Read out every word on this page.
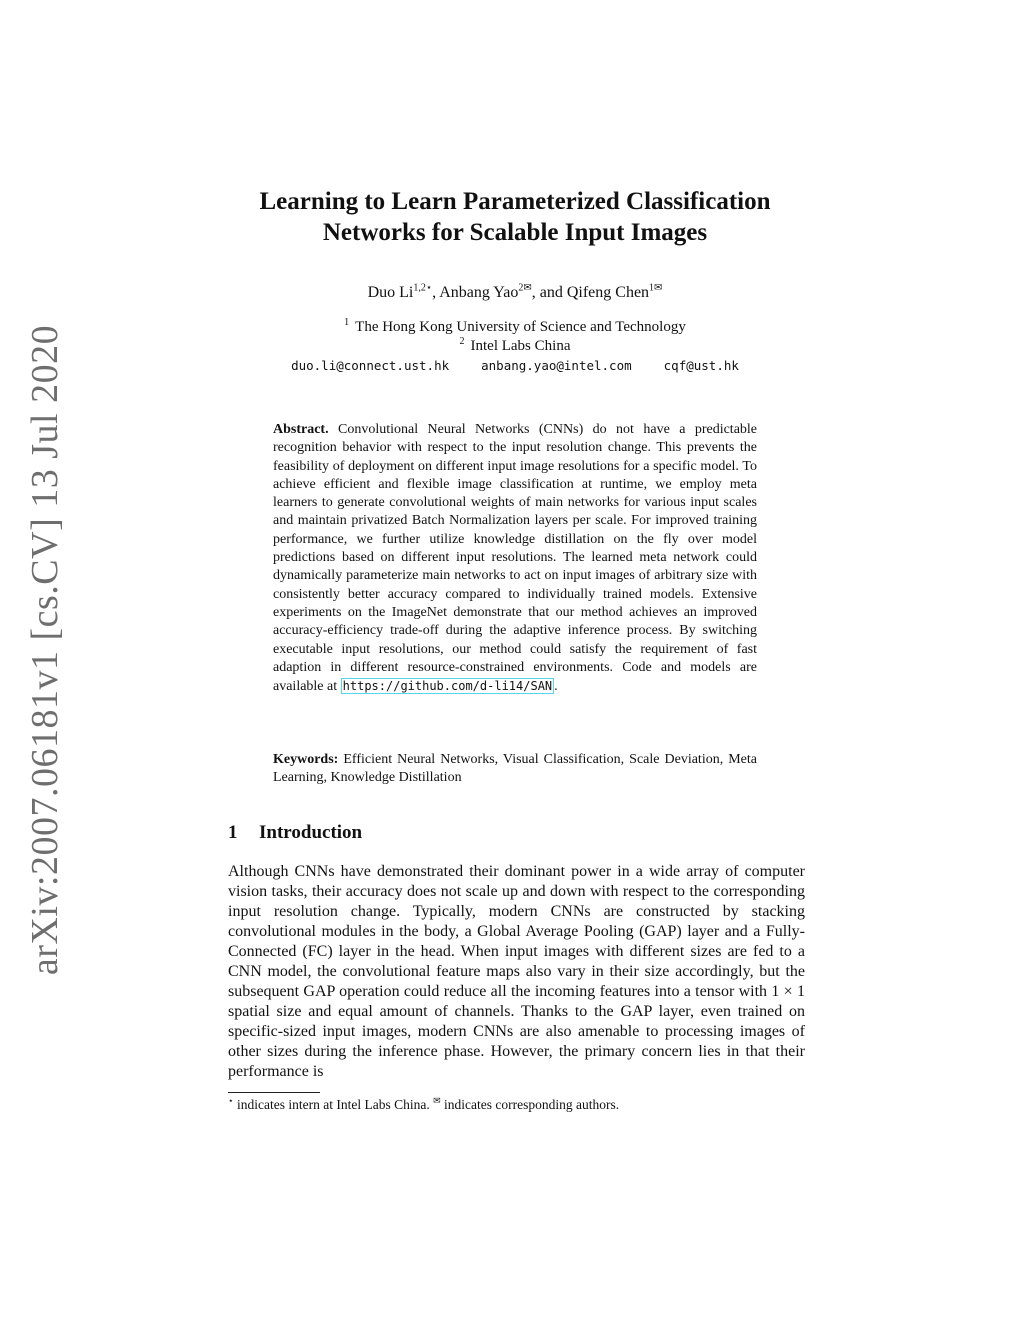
arXiv:2007.06181v1 [cs.CV] 13 Jul 2020
Learning to Learn Parameterized Classification
Networks for Scalable Input Images
Duo $Li^{1,2⋆}$, Anbang Yao$^{2✉}$, and Qifeng Chen$^{1✉}$
$^1$ The Hong Kong University of Science and Technology
$^2$ Intel Labs China
duo.li@connect.ust.hk	anbang.yao@intel.com	cqf@ust.hk

Abstract. Convolutional Neural Networks (CNNs) do not have a predictable recognition behavior with respect to the input resolution change. This prevents the feasibility of deployment on different input image resolutions for a specific model. To achieve efficient and flexible image classification at runtime, we employ meta learners to generate convolutional weights of main networks for various input scales and maintain privatized Batch Normalization layers per scale. For improved training performance, we further utilize knowledge distillation on the fly over model predictions based on different input resolutions. The learned meta network could dynamically parameterize main networks to act on input images of arbitrary size with consistently better accuracy compared to individually trained models. Extensive experiments on the ImageNet demonstrate that our method achieves an improved accuracy-efficiency trade-off during the adaptive inference process. By switching executable input resolutions, our method could satisfy the requirement of fast adaption in different resource-constrained environments. Code and models are available at https://github.com/d-li14/SAN .

Keywords: Efficient Neural Networks, Visual Classification, Scale Deviation, Meta Learning, Knowledge Distillation
1 Introduction

Although CNNs have demonstrated their dominant power in a wide array of computer vision tasks, their accuracy does not scale up and down with respect to the corresponding input resolution change. Typically, modern CNNs are constructed by stacking convolutional modules in the body, a Global Average Pooling (GAP) layer and a Fully-Connected (FC) layer in the head. When input images with different sizes are fed to a CNN model, the convolutional feature maps also vary in their size accordingly, but the subsequent GAP operation could reduce all the incoming features into a tensor with 1 × 1 spatial size and equal amount of channels. Thanks to the GAP layer, even trained on specific-sized input images, modern CNNs are also amenable to processing images of other sizes during the inference phase. However, the primary concern lies in that their performance is

⋆ indicates intern at Intel Labs China. ✉ indicates corresponding authors.
